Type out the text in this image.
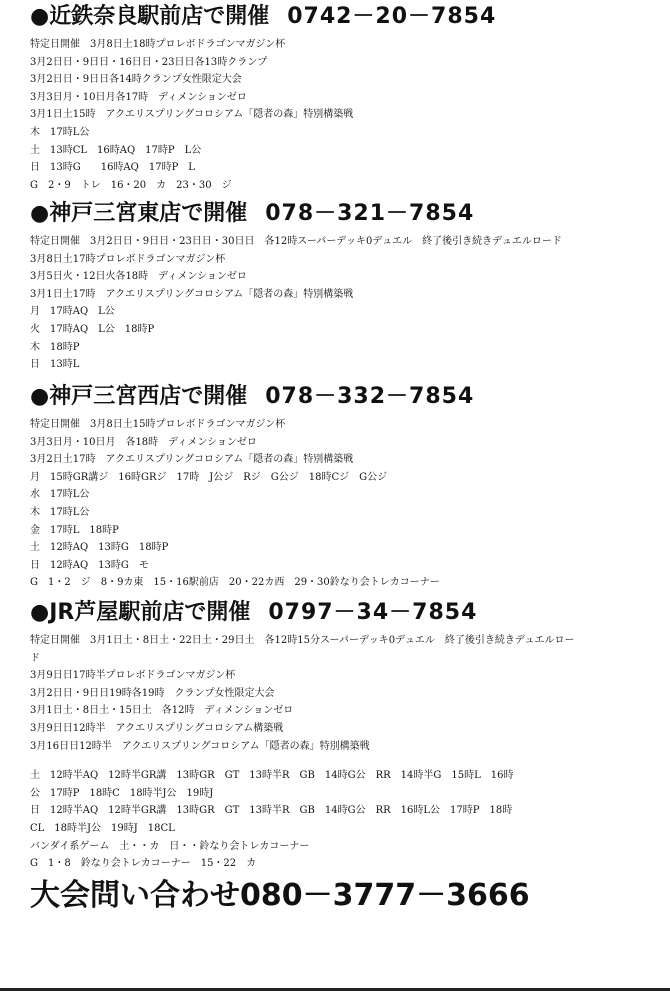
●近鉄奈良駅前店で開催 0742－20－7854
特定日開催　3月8日土18時プロレボドラゴンマガジン杯
3月2日日・9日日・16日日・23日日各13時クランプ
3月2日日・9日日各14時クランプ女性限定大会
3月3日月・10日月各17時　ディメンションゼロ
3月1日土15時　アクエリスプリングコロシアム「隠者の森」特別構築戦
木　17時L公
土　13時CL　16時AQ　17時P　L公
日　13時G　　16時AQ　17時P　L
G　2・9　トレ　16・20　カ　23・30　ジ
●神戸三宮東店で開催 078－321－7854
特定日開催　3月2日日・9日日・23日日・30日日　各12時スーパーデッキ0デュエル　終了後引き続きデュエルロード
3月8日土17時プロレボドラゴンマガジン杯
3月5日火・12日火各18時　ディメンションゼロ
3月1日土17時　アクエリスプリングコロシアム「隠者の森」特別構築戦
月　17時AQ　L公
火　17時AQ　L公　18時P
木　18時P
日　13時L
●神戸三宮西店で開催 078－332－7854
特定日開催　3月8日土15時プロレボドラゴンマガジン杯
3月3日月・10日月　各18時　ディメンションゼロ
3月2日土17時　アクエリスプリングコロシアム「隠者の森」特別構築戦
月　15時GR講ジ　16時GRジ　17時　J公ジ　Rジ　G公ジ　18時Cジ　G公ジ
水　17時L公
木　17時L公
金　17時L　18時P
土　12時AQ　13時G　18時P
日　12時AQ　13時G　モ
G　1・2　ジ　8・9カ東　15・16駅前店　20・22カ西　29・30鈴なり会トレカコーナー
●JR芦屋駅前店で開催 0797－34－7854
特定日開催　3月1日土・8日土・22日土・29日土　各12時15分スーパーデッキ0デュエル　終了後引き続きデュエルロー
ド
3月9日日17時半プロレボドラゴンマガジン杯
3月2日日・9日日19時各19時　クランプ女性限定大会
3月1日土・8日土・15日土　各12時　ディメンションゼロ
3月9日日12時半　アクエリスプリングコロシアム構築戦
3月16日日12時半　アクエリスプリングコロシアム「隠者の森」特別構築戦
土　12時半AQ　12時半GR講　13時GR　GT　13時半R　GB　14時G公　RR　14時半G　15時L　16時
公　17時P　18時C　18時半J公　19時J
日　12時半AQ　12時半GR講　13時GR　GT　13時半R　GB　14時G公　RR　16時L公　17時P　18時
CL　18時半J公　19時J　18CL
バンダイ系ゲーム　土・・カ　日・・鈴なり会トレカコーナー
G　1・8　鈴なり会トレカコーナー　15・22　カ
大会問い合わせ080－3777－3666
